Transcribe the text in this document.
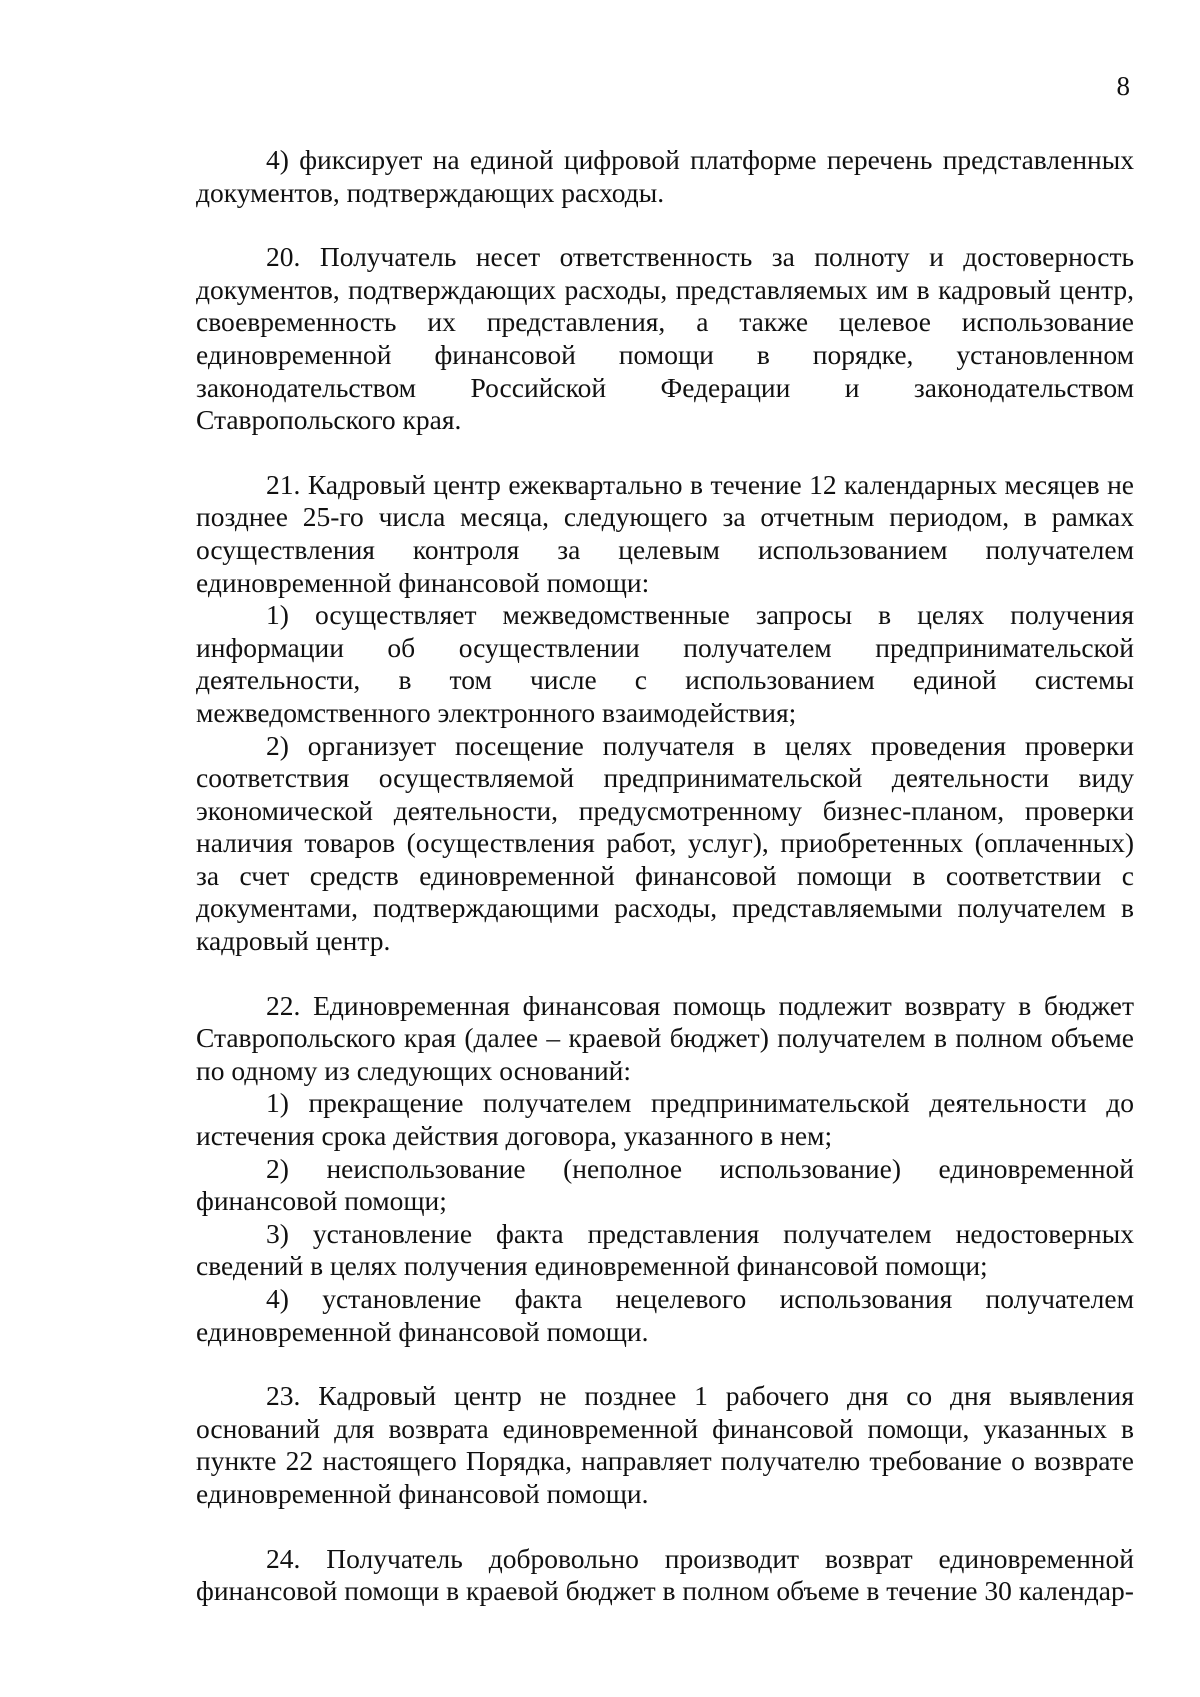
8

4) фиксирует на единой цифровой платформе перечень представленных документов, подтверждающих расходы.

20. Получатель несет ответственность за полноту и достоверность документов, подтверждающих расходы, представляемых им в кадровый центр, своевременность их представления, а также целевое использование единовременной финансовой помощи в порядке, установленном законодательством Российской Федерации и законодательством Ставропольского края.

21. Кадровый центр ежеквартально в течение 12 календарных месяцев не позднее 25-го числа месяца, следующего за отчетным периодом, в рамках осуществления контроля за целевым использованием получателем единовременной финансовой помощи:

1) осуществляет межведомственные запросы в целях получения информации об осуществлении получателем предпринимательской деятельности, в том числе с использованием единой системы межведомственного электронного взаимодействия;

2) организует посещение получателя в целях проведения проверки соответствия осуществляемой предпринимательской деятельности виду экономической деятельности, предусмотренному бизнес-планом, проверки наличия товаров (осуществления работ, услуг), приобретенных (оплаченных) за счет средств единовременной финансовой помощи в соответствии с документами, подтверждающими расходы, представляемыми получателем в кадровый центр.

22. Единовременная финансовая помощь подлежит возврату в бюджет Ставропольского края (далее – краевой бюджет) получателем в полном объеме по одному из следующих оснований:

1) прекращение получателем предпринимательской деятельности до истечения срока действия договора, указанного в нем;

2) неиспользование (неполное использование) единовременной финансовой помощи;

3) установление факта представления получателем недостоверных сведений в целях получения единовременной финансовой помощи;

4) установление факта нецелевого использования получателем единовременной финансовой помощи.

23. Кадровый центр не позднее 1 рабочего дня со дня выявления оснований для возврата единовременной финансовой помощи, указанных в пункте 22 настоящего Порядка, направляет получателю требование о возврате единовременной финансовой помощи.

24. Получатель добровольно производит возврат единовременной финансовой помощи в краевой бюджет в полном объеме в течение 30 календар-
